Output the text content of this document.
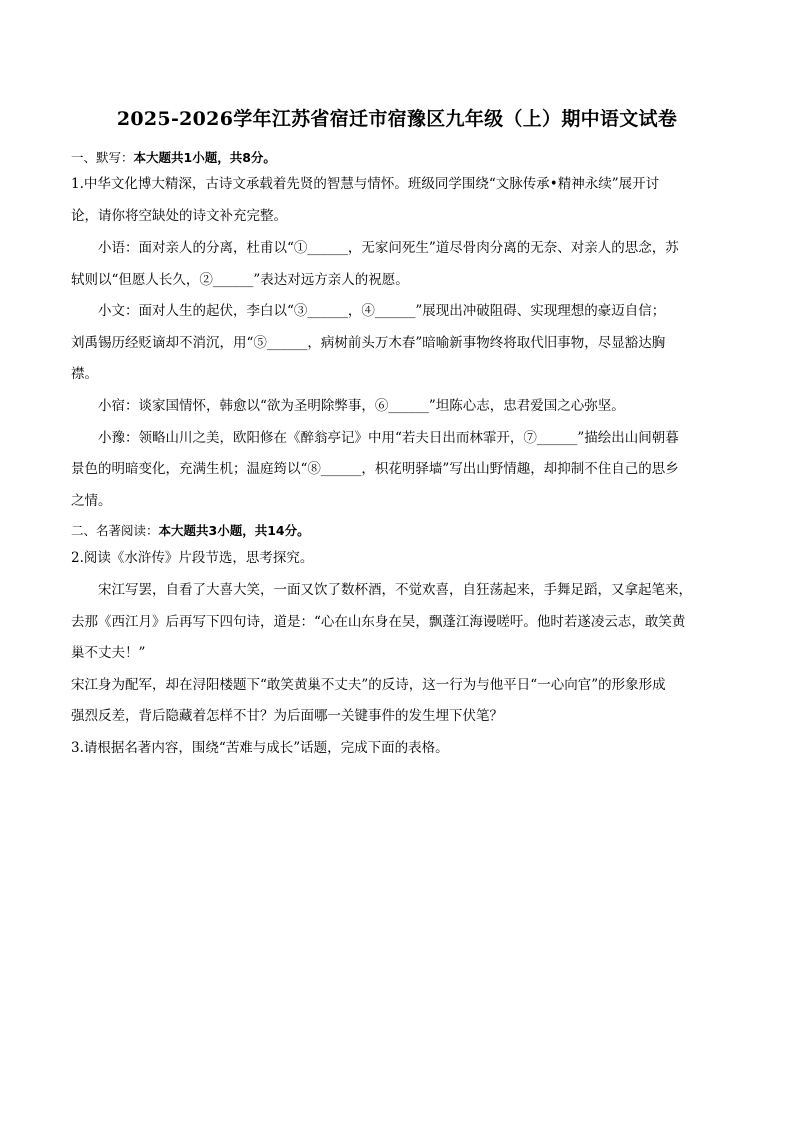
2025-2026学年江苏省宿迁市宿豫区九年级（上）期中语文试卷
一、默写：本大题共1小题，共8分。
1.中华文化博大精深，古诗文承载着先贤的智慧与情怀。班级同学围绕“文脉传承•精神永续”展开讨
论，请你将空缺处的诗文补充完整。
小语：面对亲人的分离，杜甫以“①______，无家问死生”道尽骨肉分离的无奈、对亲人的思念，苏
轼则以“但愿人长久，②______”表达对远方亲人的祝愿。
小文：面对人生的起伏，李白以“③______，④______”展现出冲破阻碍、实现理想的豪迈自信；
刘禹锡历经贬谪却不消沉，用“⑤______，病树前头万木春”暗喻新事物终将取代旧事物，尽显豁达胸
襟。
小宿：谈家国情怀，韩愈以“欲为圣明除弊事，⑥______”坦陈心志，忠君爱国之心弥坚。
小豫：领略山川之美，欧阳修在《醉翁亭记》中用“若夫日出而林霏开，⑦______”描绘出山间朝暮
景色的明暗变化，充满生机；温庭筠以“⑧______，枳花明驿墙”写出山野情趣，却抑制不住自己的思乡
之情。
二、名著阅读：本大题共3小题，共14分。
2.阅读《水浒传》片段节选，思考探究。
宋江写罢，自看了大喜大笑，一面又饮了数杯酒，不觉欢喜，自狂荡起来，手舞足蹈，又拿起笔来，
去那《西江月》后再写下四句诗，道是：“心在山东身在吴，飘蓬江海谩嗟吁。他时若遂凌云志，敢笑黄
巢不丈夫！”
宋江身为配军，却在浔阳楼题下“敢笑黄巢不丈夫”的反诗，这一行为与他平日“一心向官”的形象形成
强烈反差，背后隐藏着怎样不甘？为后面哪一关键事件的发生埋下伏笔？
3.请根据名著内容，围绕“苦难与成长”话题，完成下面的表格。
